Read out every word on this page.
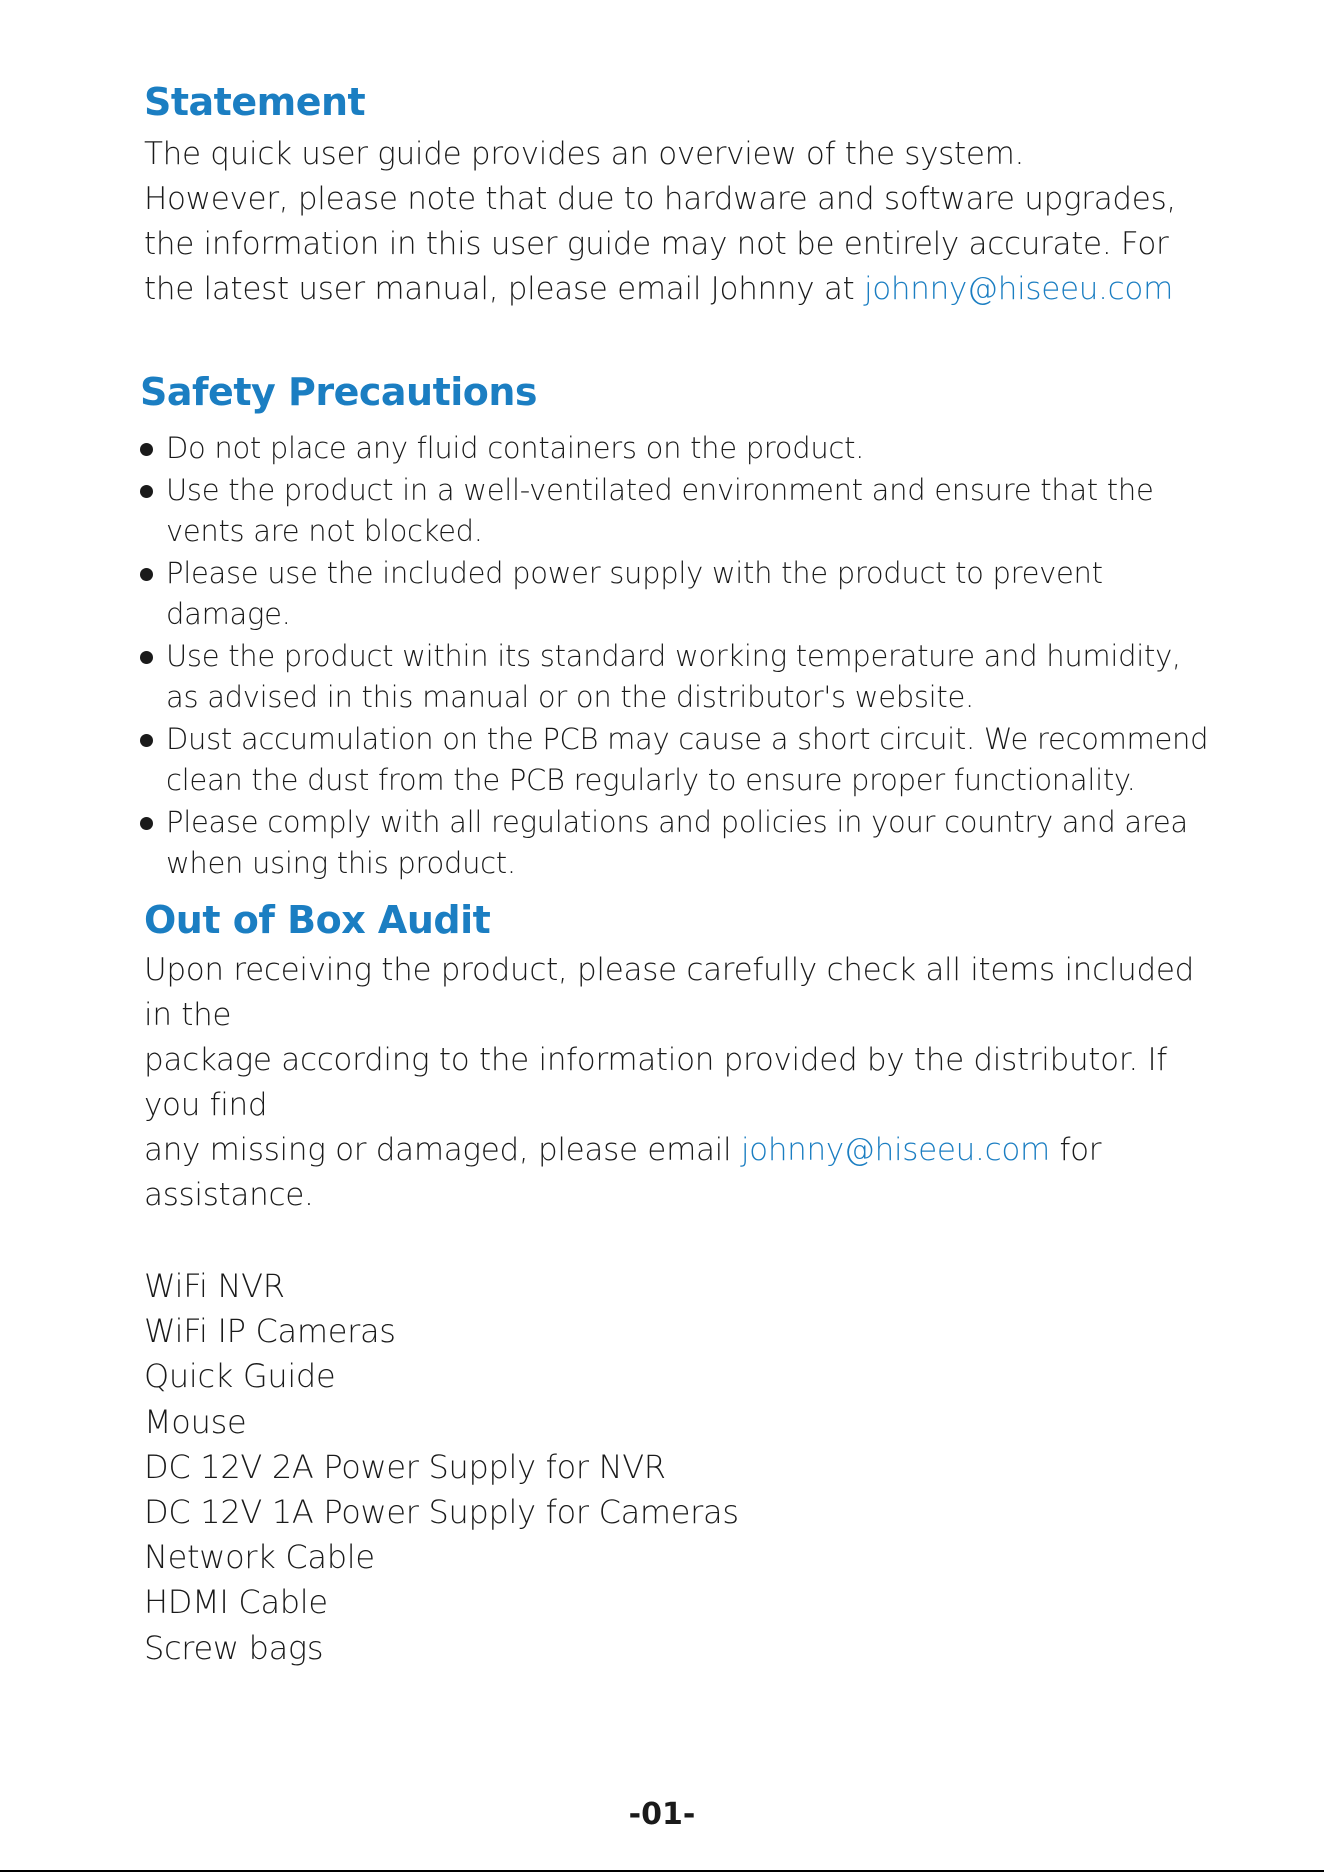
Statement

The quick user guide provides an overview of the system.

However, please note that due to hardware and software upgrades,

the information in this user guide may not be entirely accurate. For

the latest user manual, please email Johnny at johnny@hiseeu.com

Safety Precautions
Do not place any fluid containers on the product.
Use the product in a well-ventilated environment and ensure that the vents are not blocked.
Please use the included power supply with the product to prevent damage.
Use the product within its standard working temperature and humidity, as advised in this manual or on the distributor's website.
Dust accumulation on the PCB may cause a short circuit. We recommend clean the dust from the PCB regularly to ensure proper functionality.
Please comply with all regulations and policies in your country and area when using this product.
Out of Box Audit

Upon receiving the product, please carefully check all items included in the

package according to the information provided by the distributor. If you find

any missing or damaged, please email johnny@hiseeu.com for assistance.

WiFi NVR
WiFi IP Cameras
Quick Guide
Mouse
DC 12V 2A Power Supply for NVR
DC 12V 1A Power Supply for Cameras
Network Cable
HDMI Cable
Screw bags
-01-
